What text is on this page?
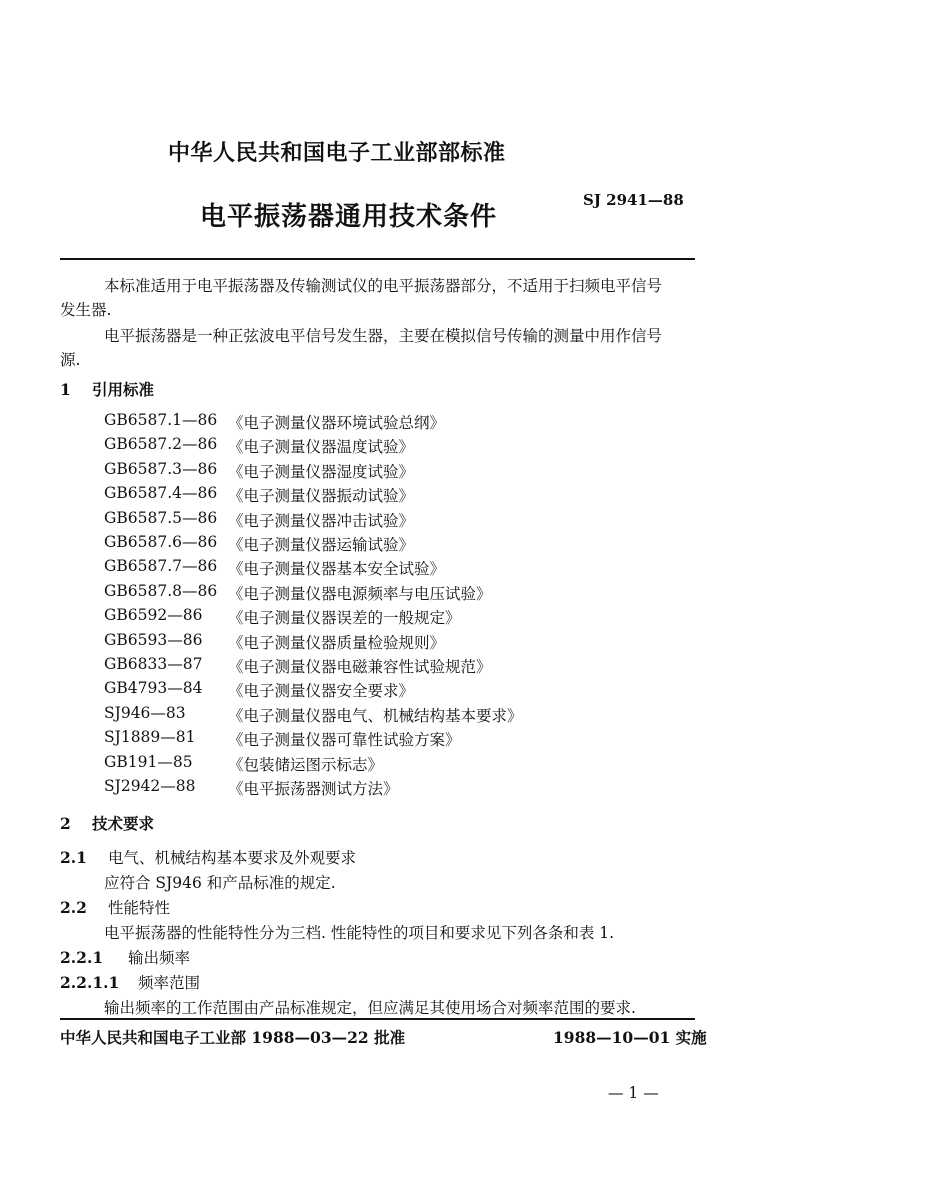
中华人民共和国电子工业部部标准
电平振荡器通用技术条件
SJ 2941—88
本标准适用于电平振荡器及传输测试仪的电平振荡器部分，不适用于扫频电平信号
发生器.
电平振荡器是一种正弦波电平信号发生器，主要在模拟信号传输的测量中用作信号
源.
1 引用标准
GB6587.1—86 《电子测量仪器环境试验总纲》
GB6587.2—86 《电子测量仪器温度试验》
GB6587.3—86 《电子测量仪器湿度试验》
GB6587.4—86 《电子测量仪器振动试验》
GB6587.5—86 《电子测量仪器冲击试验》
GB6587.6—86 《电子测量仪器运输试验》
GB6587.7—86 《电子测量仪器基本安全试验》
GB6587.8—86 《电子测量仪器电源频率与电压试验》
GB6592—86 《电子测量仪器误差的一般规定》
GB6593—86 《电子测量仪器质量检验规则》
GB6833—87 《电子测量仪器电磁兼容性试验规范》
GB4793—84 《电子测量仪器安全要求》
SJ946—83	《电子测量仪器电气、机械结构基本要求》
SJ1889—81 《电子测量仪器可靠性试验方案》
GB191—85 《包装储运图示标志》
SJ2942—88 《电平振荡器测试方法》
2 技术要求
2.1 电气、机械结构基本要求及外观要求
应符合 SJ946 和产品标准的规定.
2.2 性能特性
电平振荡器的性能特性分为三档. 性能特性的项目和要求见下列各条和表 1.
2.2.1 输出频率
2.2.1.1 频率范围
输出频率的工作范围由产品标准规定，但应满足其使用场合对频率范围的要求.
中华人民共和国电子工业部 1988—03—22 批准	1988—10—01 实施
— 1 —
